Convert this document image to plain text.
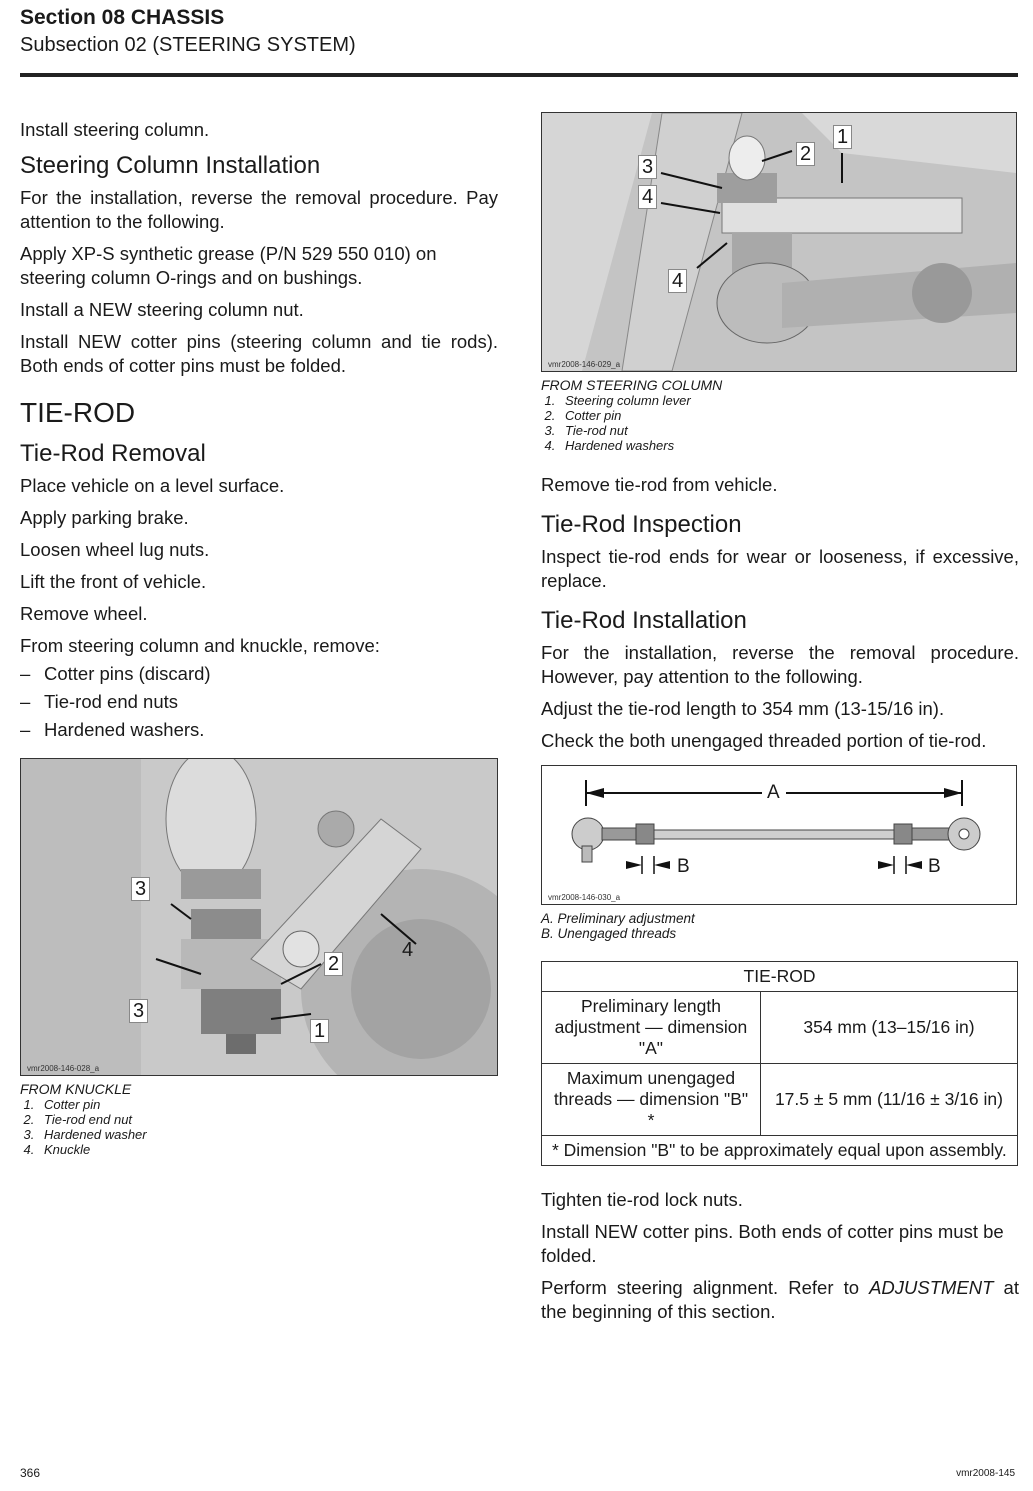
Section 08 CHASSIS
Subsection 02 (STEERING SYSTEM)

Install steering column.

Steering Column Installation

For the installation, reverse the removal procedure. Pay attention to the following.

Apply XP-S synthetic grease (P/N 529 550 010) on steering column O-rings and on bushings.

Install a NEW steering column nut.

Install NEW cotter pins (steering column and tie rods). Both ends of cotter pins must be folded.

TIE-ROD
Tie-Rod Removal

Place vehicle on a level surface.

Apply parking brake.

Loosen wheel lug nuts.

Lift the front of vehicle.

Remove wheel.

From steering column and knuckle, remove:

– Cotter pins (discard)
– Tie-rod end nuts
– Hardened washers.
3
3
4
2
1
vmr2008-146-028_a
FROM KNUCKLE
1. Cotter pin
2. Tie-rod end nut
3. Hardened washer
4. Knuckle
3
4
4
2
1
vmr2008-146-029_a
FROM STEERING COLUMN
1. Steering column lever
2. Cotter pin
3. Tie-rod nut
4. Hardened washers

Remove tie-rod from vehicle.

Tie-Rod Inspection

Inspect tie-rod ends for wear or looseness, if excessive, replace.

Tie-Rod Installation

For the installation, reverse the removal procedure. However, pay attention to the following.

Adjust the tie-rod length to 354 mm (13-15/16 in).

Check the both unengaged threaded portion of tie-rod.

A
B	B
vmr2008-146-030_a
A. Preliminary adjustment
B. Unengaged threads
TIE-ROD	
Preliminary length adjustment — dimension "A"	354 mm (13–15/16 in)
Maximum unengaged threads — dimension "B" *	17.5 ± 5 mm (11/16 ± 3/16 in)
* Dimension "B" to be approximately equal upon assembly.	

Tighten tie-rod lock nuts.

Install NEW cotter pins. Both ends of cotter pins must be folded.

Perform steering alignment. Refer to ADJUSTMENT at the beginning of this section.

366	vmr2008-145
